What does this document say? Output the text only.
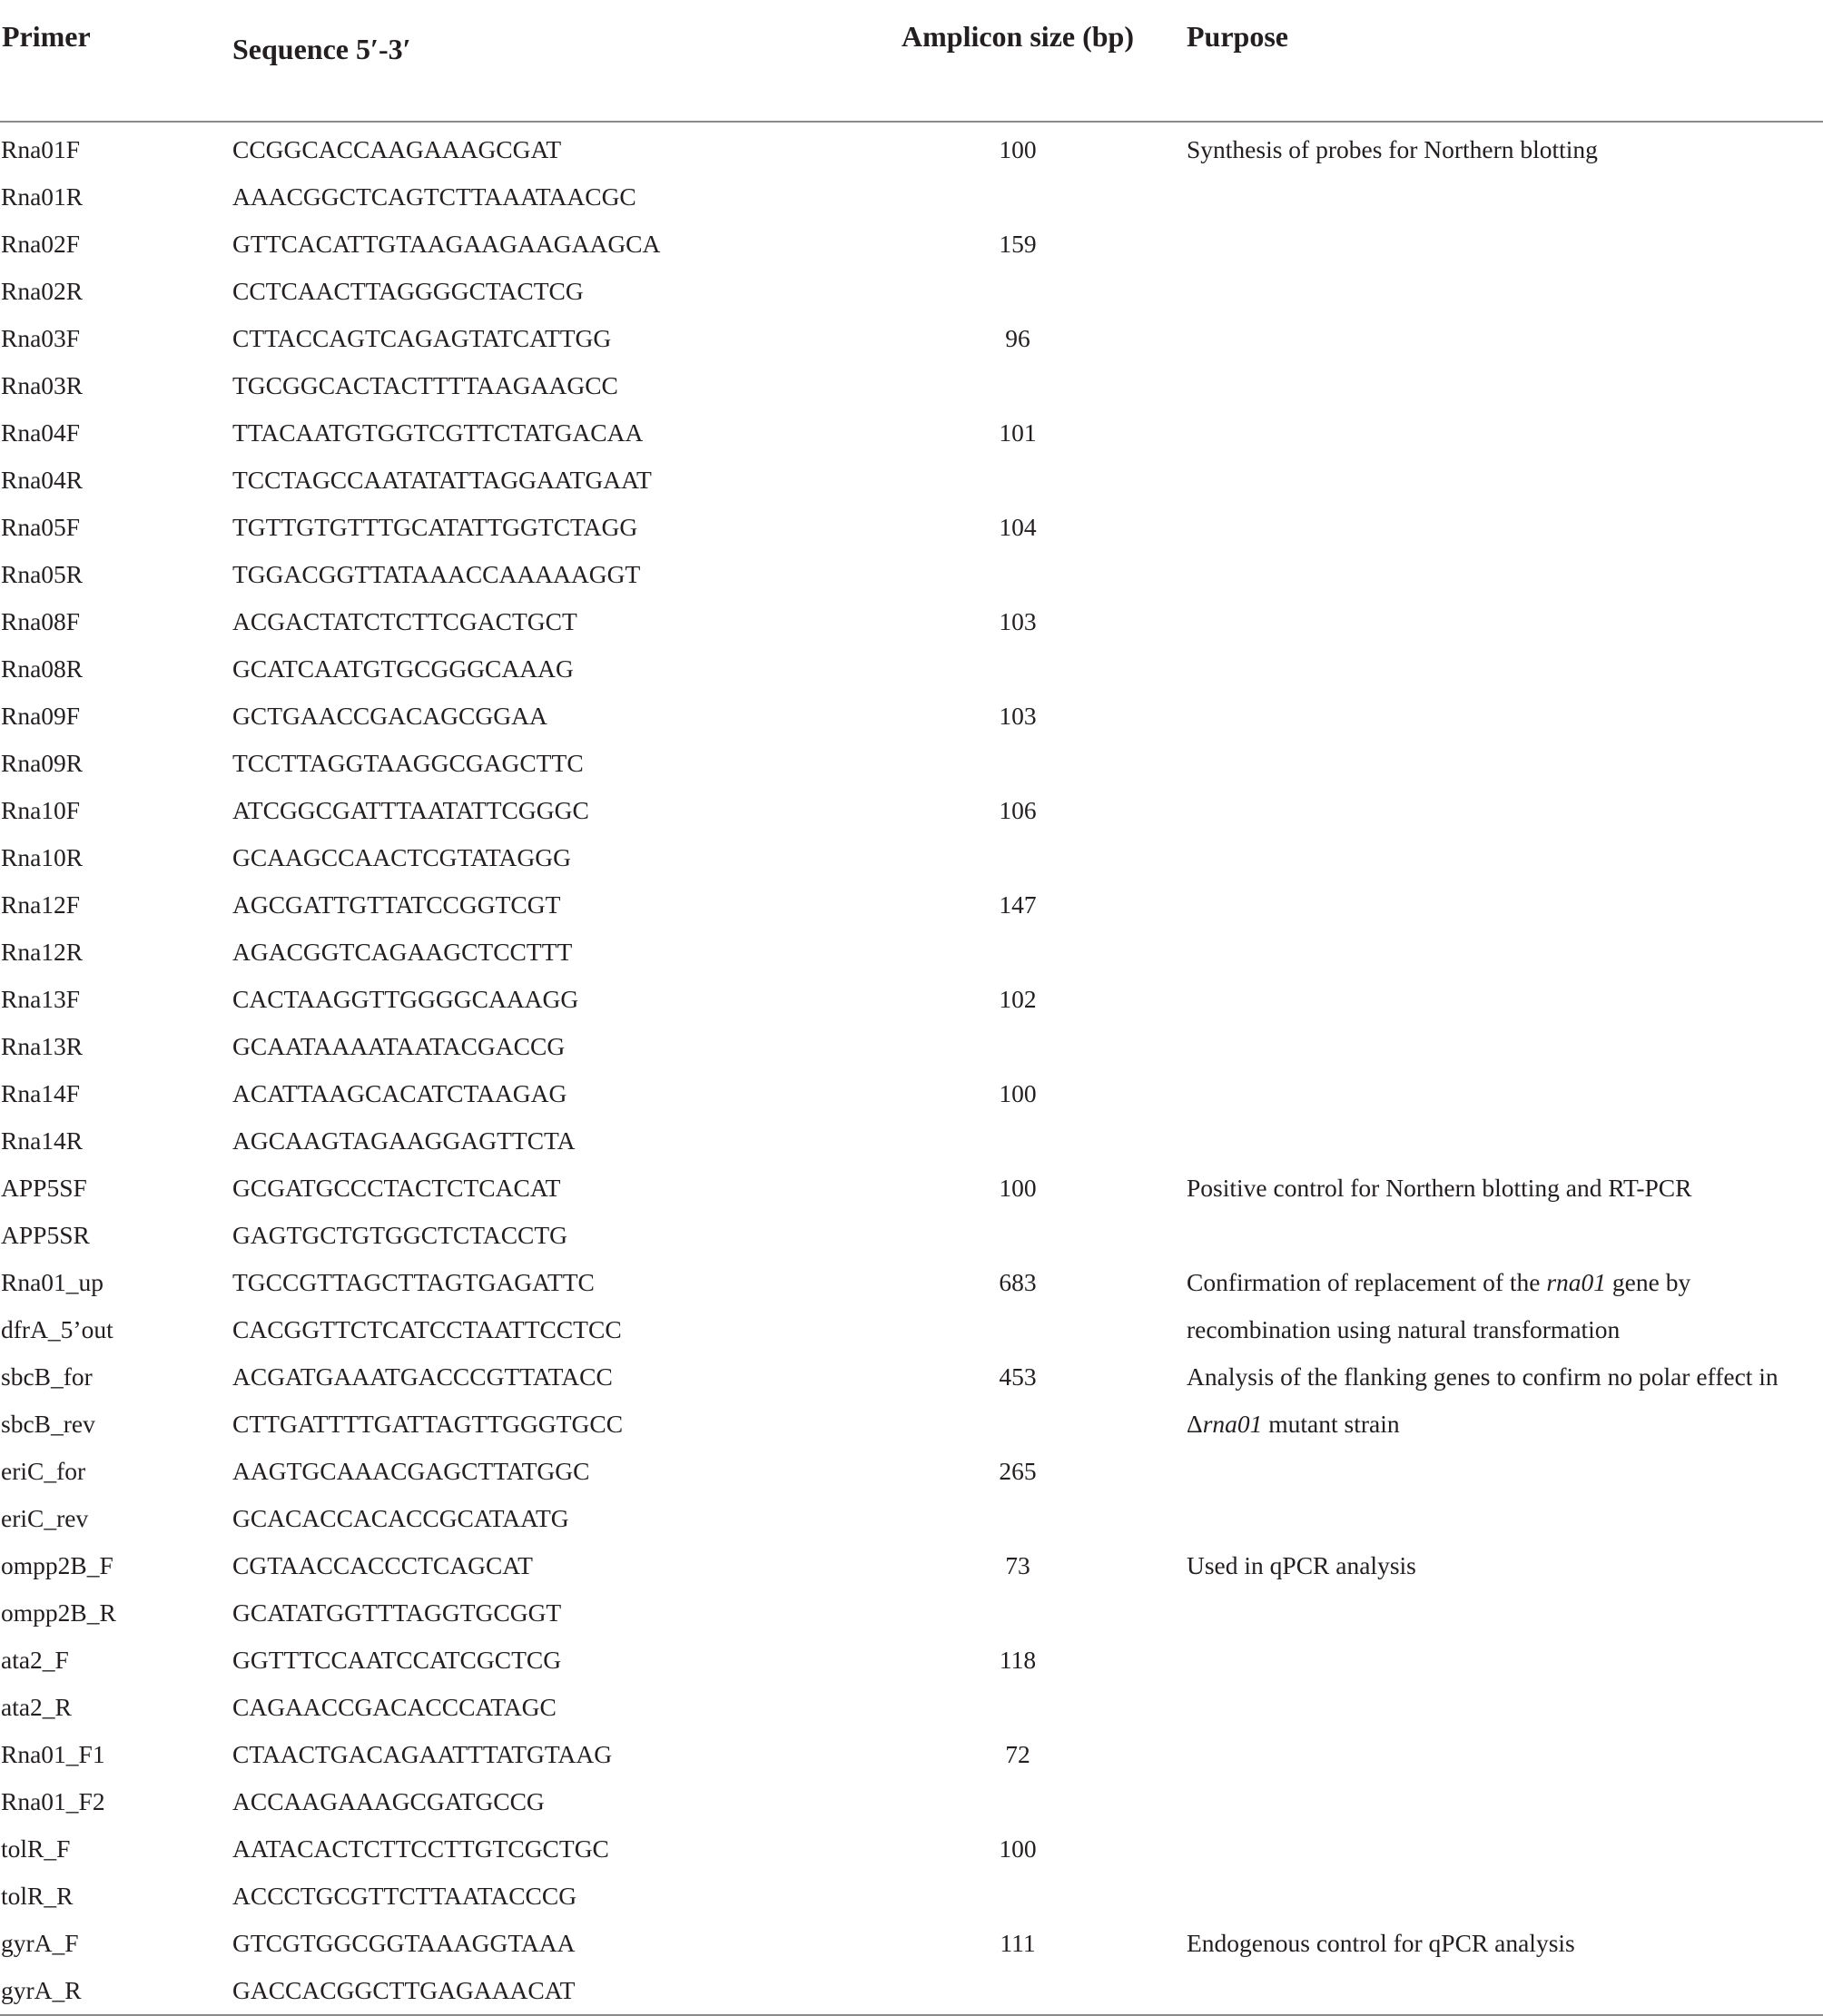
Primer	Sequence 5′-3′	Amplicon size (bp)	Purpose
Rna01F	CCGGCACCAAGAAAGCGAT	100	Synthesis of probes for Northern blotting
Rna01R	AAACGGCTCAGTCTTAAATAACGC		
Rna02F	GTTCACATTGTAAGAAGAAGAAGCA	159	
Rna02R	CCTCAACTTAGGGGCTACTCG		
Rna03F	CTTACCAGTCAGAGTATCATTGG	96	
Rna03R	TGCGGCACTACTTTTAAGAAGCC		
Rna04F	TTACAATGTGGTCGTTCTATGACAA	101	
Rna04R	TCCTAGCCAATATATTAGGAATGAAT		
Rna05F	TGTTGTGTTTGCATATTGGTCTAGG	104	
Rna05R	TGGACGGTTATAAACCAAAAAGGT		
Rna08F	ACGACTATCTCTTCGACTGCT	103	
Rna08R	GCATCAATGTGCGGGCAAAG		
Rna09F	GCTGAACCGACAGCGGAA	103	
Rna09R	TCCTTAGGTAAGGCGAGCTTC		
Rna10F	ATCGGCGATTTAATATTCGGGC	106	
Rna10R	GCAAGCCAACTCGTATAGGG		
Rna12F	AGCGATTGTTATCCGGTCGT	147	
Rna12R	AGACGGTCAGAAGCTCCTTT		
Rna13F	CACTAAGGTTGGGGCAAAGG	102	
Rna13R	GCAATAAAATAATACGACCG		
Rna14F	ACATTAAGCACATCTAAGAG	100	
Rna14R	AGCAAGTAGAAGGAGTTCTA		
APP5SF	GCGATGCCCTACTCTCACAT	100	Positive control for Northern blotting and RT-PCR
APP5SR	GAGTGCTGTGGCTCTACCTG		
Rna01_up	TGCCGTTAGCTTAGTGAGATTC	683	Confirmation of replacement of the rna01 gene by
dfrA_5’out	CACGGTTCTCATCCTAATTCCTCC		recombination using natural transformation
sbcB_for	ACGATGAAATGACCCGTTATACC	453	Analysis of the flanking genes to confirm no polar effect in
sbcB_rev	CTTGATTTTGATTAGTTGGGTGCC		Δrna01 mutant strain
eriC_for	AAGTGCAAACGAGCTTATGGC	265	
eriC_rev	GCACACCACACCGCATAATG		
ompp2B_F	CGTAACCACCCTCAGCAT	73	Used in qPCR analysis
ompp2B_R	GCATATGGTTTAGGTGCGGT		
ata2_F	GGTTTCCAATCCATCGCTCG	118	
ata2_R	CAGAACCGACACCCATAGC		
Rna01_F1	CTAACTGACAGAATTTATGTAAG	72	
Rna01_F2	ACCAAGAAAGCGATGCCG		
tolR_F	AATACACTCTTCCTTGTCGCTGC	100	
tolR_R	ACCCTGCGTTCTTAATACCCG		
gyrA_F	GTCGTGGCGGTAAAGGTAAA	111	Endogenous control for qPCR analysis
gyrA_R	GACCACGGCTTGAGAAACAT		
